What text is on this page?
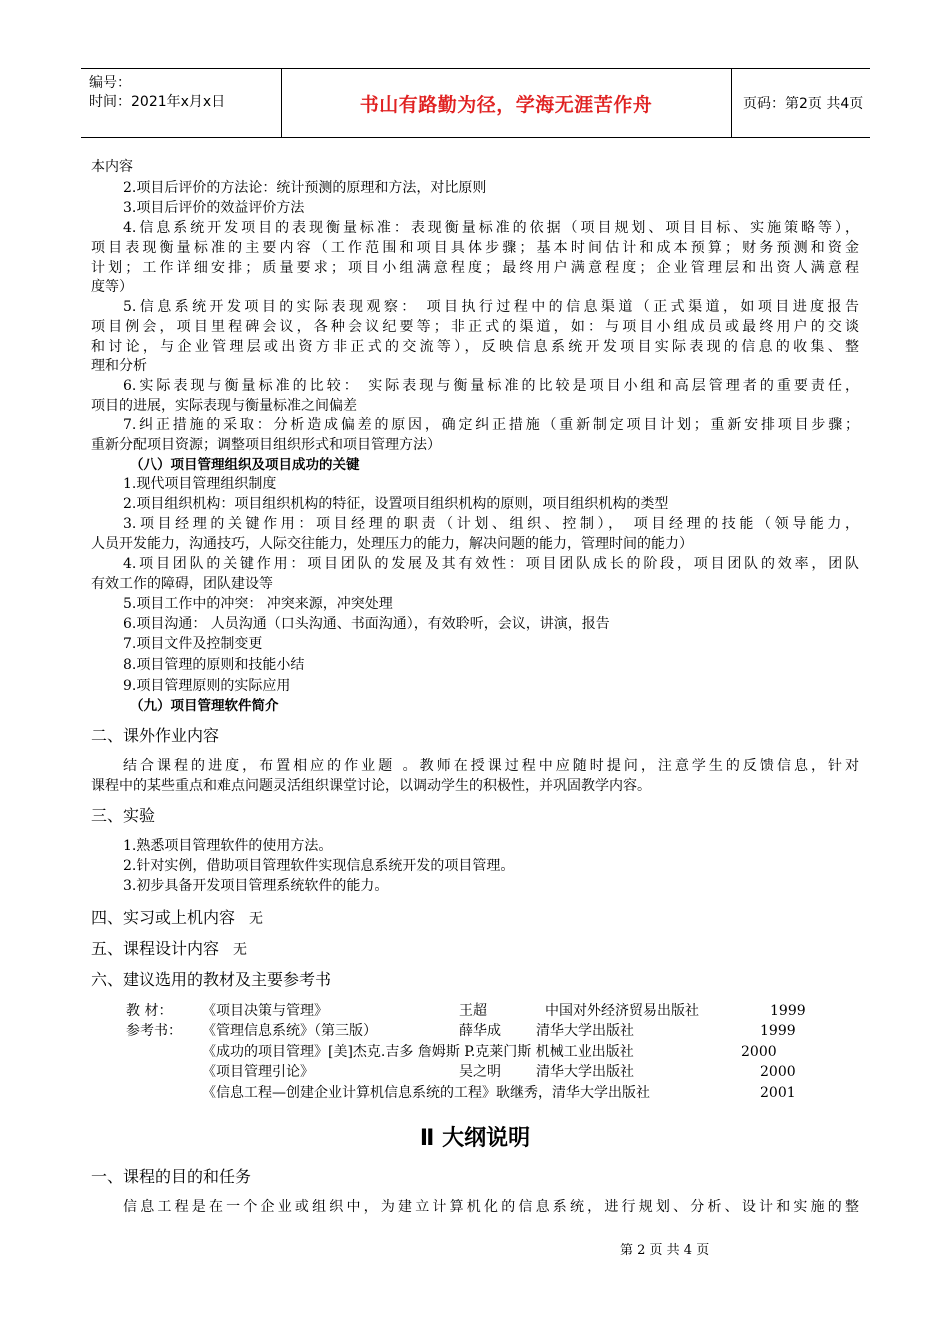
编号：
时间：2021年x月x日	书山有路勤为径，学海无涯苦作舟	页码：第2页 共4页
本内容
2.项目后评价的方法论：统计预测的原理和方法，对比原则
3.项目后评价的效益评价方法
4.信息系统开发项目的表现衡量标准：表现衡量标准的依据（项目规划、项目目标、实施策略等），
项目表现衡量标准的主要内容（工作范围和项目具体步骤；基本时间估计和成本预算；财务预测和资金
计划；工作详细安排；质量要求；项目小组满意程度；最终用户满意程度；企业管理层和出资人满意程
度等）
5.信息系统开发项目的实际表现观察： 项目执行过程中的信息渠道（正式渠道，如项目进度报告
项目例会，项目里程碑会议，各种会议纪要等；非正式的渠道，如：与项目小组成员或最终用户的交谈
和讨论，与企业管理层或出资方非正式的交流等），反映信息系统开发项目实际表现的信息的收集、整
理和分析
6.实际表现与衡量标准的比较： 实际表现与衡量标准的比较是项目小组和高层管理者的重要责任，
项目的进展，实际表现与衡量标准之间偏差
7.纠正措施的采取：分析造成偏差的原因，确定纠正措施（重新制定项目计划；重新安排项目步骤；
重新分配项目资源；调整项目组织形式和项目管理方法）
（八）项目管理组织及项目成功的关键
1.现代项目管理组织制度
2.项目组织机构：项目组织机构的特征，设置项目组织机构的原则，项目组织机构的类型
3.项目经理的关键作用：项目经理的职责（计划、组织、控制）， 项目经理的技能（领导能力，
人员开发能力，沟通技巧，人际交往能力，处理压力的能力，解决问题的能力，管理时间的能力）
4.项目团队的关键作用：项目团队的发展及其有效性：项目团队成长的阶段，项目团队的效率，团队
有效工作的障碍，团队建设等
5.项目工作中的冲突： 冲突来源，冲突处理
6.项目沟通： 人员沟通（口头沟通、书面沟通），有效聆听，会议，讲演，报告
7.项目文件及控制变更
8.项目管理的原则和技能小结
9.项目管理原则的实际应用
（九）项目管理软件简介
二、课外作业内容
结合课程的进度，布置相应的作业题 。教师在授课过程中应随时提问，注意学生的反馈信息，针对
课程中的某些重点和难点问题灵活组织课堂讨论，以调动学生的积极性，并巩固教学内容。
三、实验
1.熟悉项目管理软件的使用方法。
2.针对实例，借助项目管理软件实现信息系统开发的项目管理。
3.初步具备开发项目管理系统软件的能力。
四、实习或上机内容 无
五、课程设计内容 无
六、建议选用的教材及主要参考书
教 材： 《项目决策与管理》	王超	中国对外经济贸易出版社	1999
参考书： 《管理信息系统》（第三版）	薛华成	清华大学出版社	1999
《成功的项目管理》[美]杰克.吉多 詹姆斯 P.克莱门斯 机械工业出版社	2000
《项目管理引论》	吴之明	清华大学出版社	2000
《信息工程—创建企业计算机信息系统的工程》耿继秀，清华大学出版社	2001
Ⅱ 大纲说明
一、课程的目的和任务
信息工程是在一个企业或组织中，为建立计算机化的信息系统，进行规划、分析、设计和实施的整
第 2 页 共 4 页
